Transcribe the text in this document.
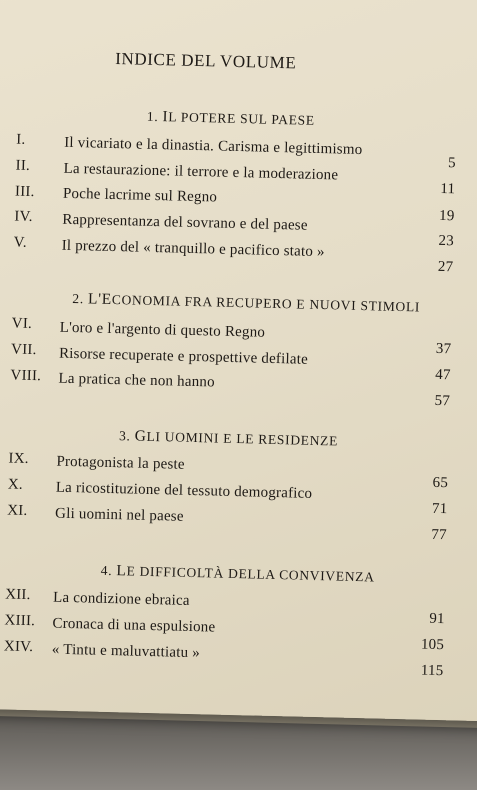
INDICE DEL VOLUME
1. IL POTERE SUL PAESE
I.	Il vicariato e la dinastia. Carisma e legittimismo
5
II.	La restaurazione: il terrore e la moderazione
11
III.	Poche lacrime sul Regno
19
IV.	Rappresentanza del sovrano e del paese
23
V.	Il prezzo del « tranquillo e pacifico stato »
27
2. L'ECONOMIA FRA RECUPERO E NUOVI STIMOLI
VI.	L'oro e l'argento di questo Regno
37
VII.	Risorse recuperate e prospettive defilate
47
VIII.	La pratica che non hanno
57
3. GLI UOMINI E LE RESIDENZE
IX.	Protagonista la peste
65
X.	La ricostituzione del tessuto demografico
71
XI.	Gli uomini nel paese
77
4. LE DIFFICOLTÀ DELLA CONVIVENZA
XII.	La condizione ebraica
91
XIII.	Cronaca di una espulsione
105
XIV.	« Tintu e maluvattiatu »
115
